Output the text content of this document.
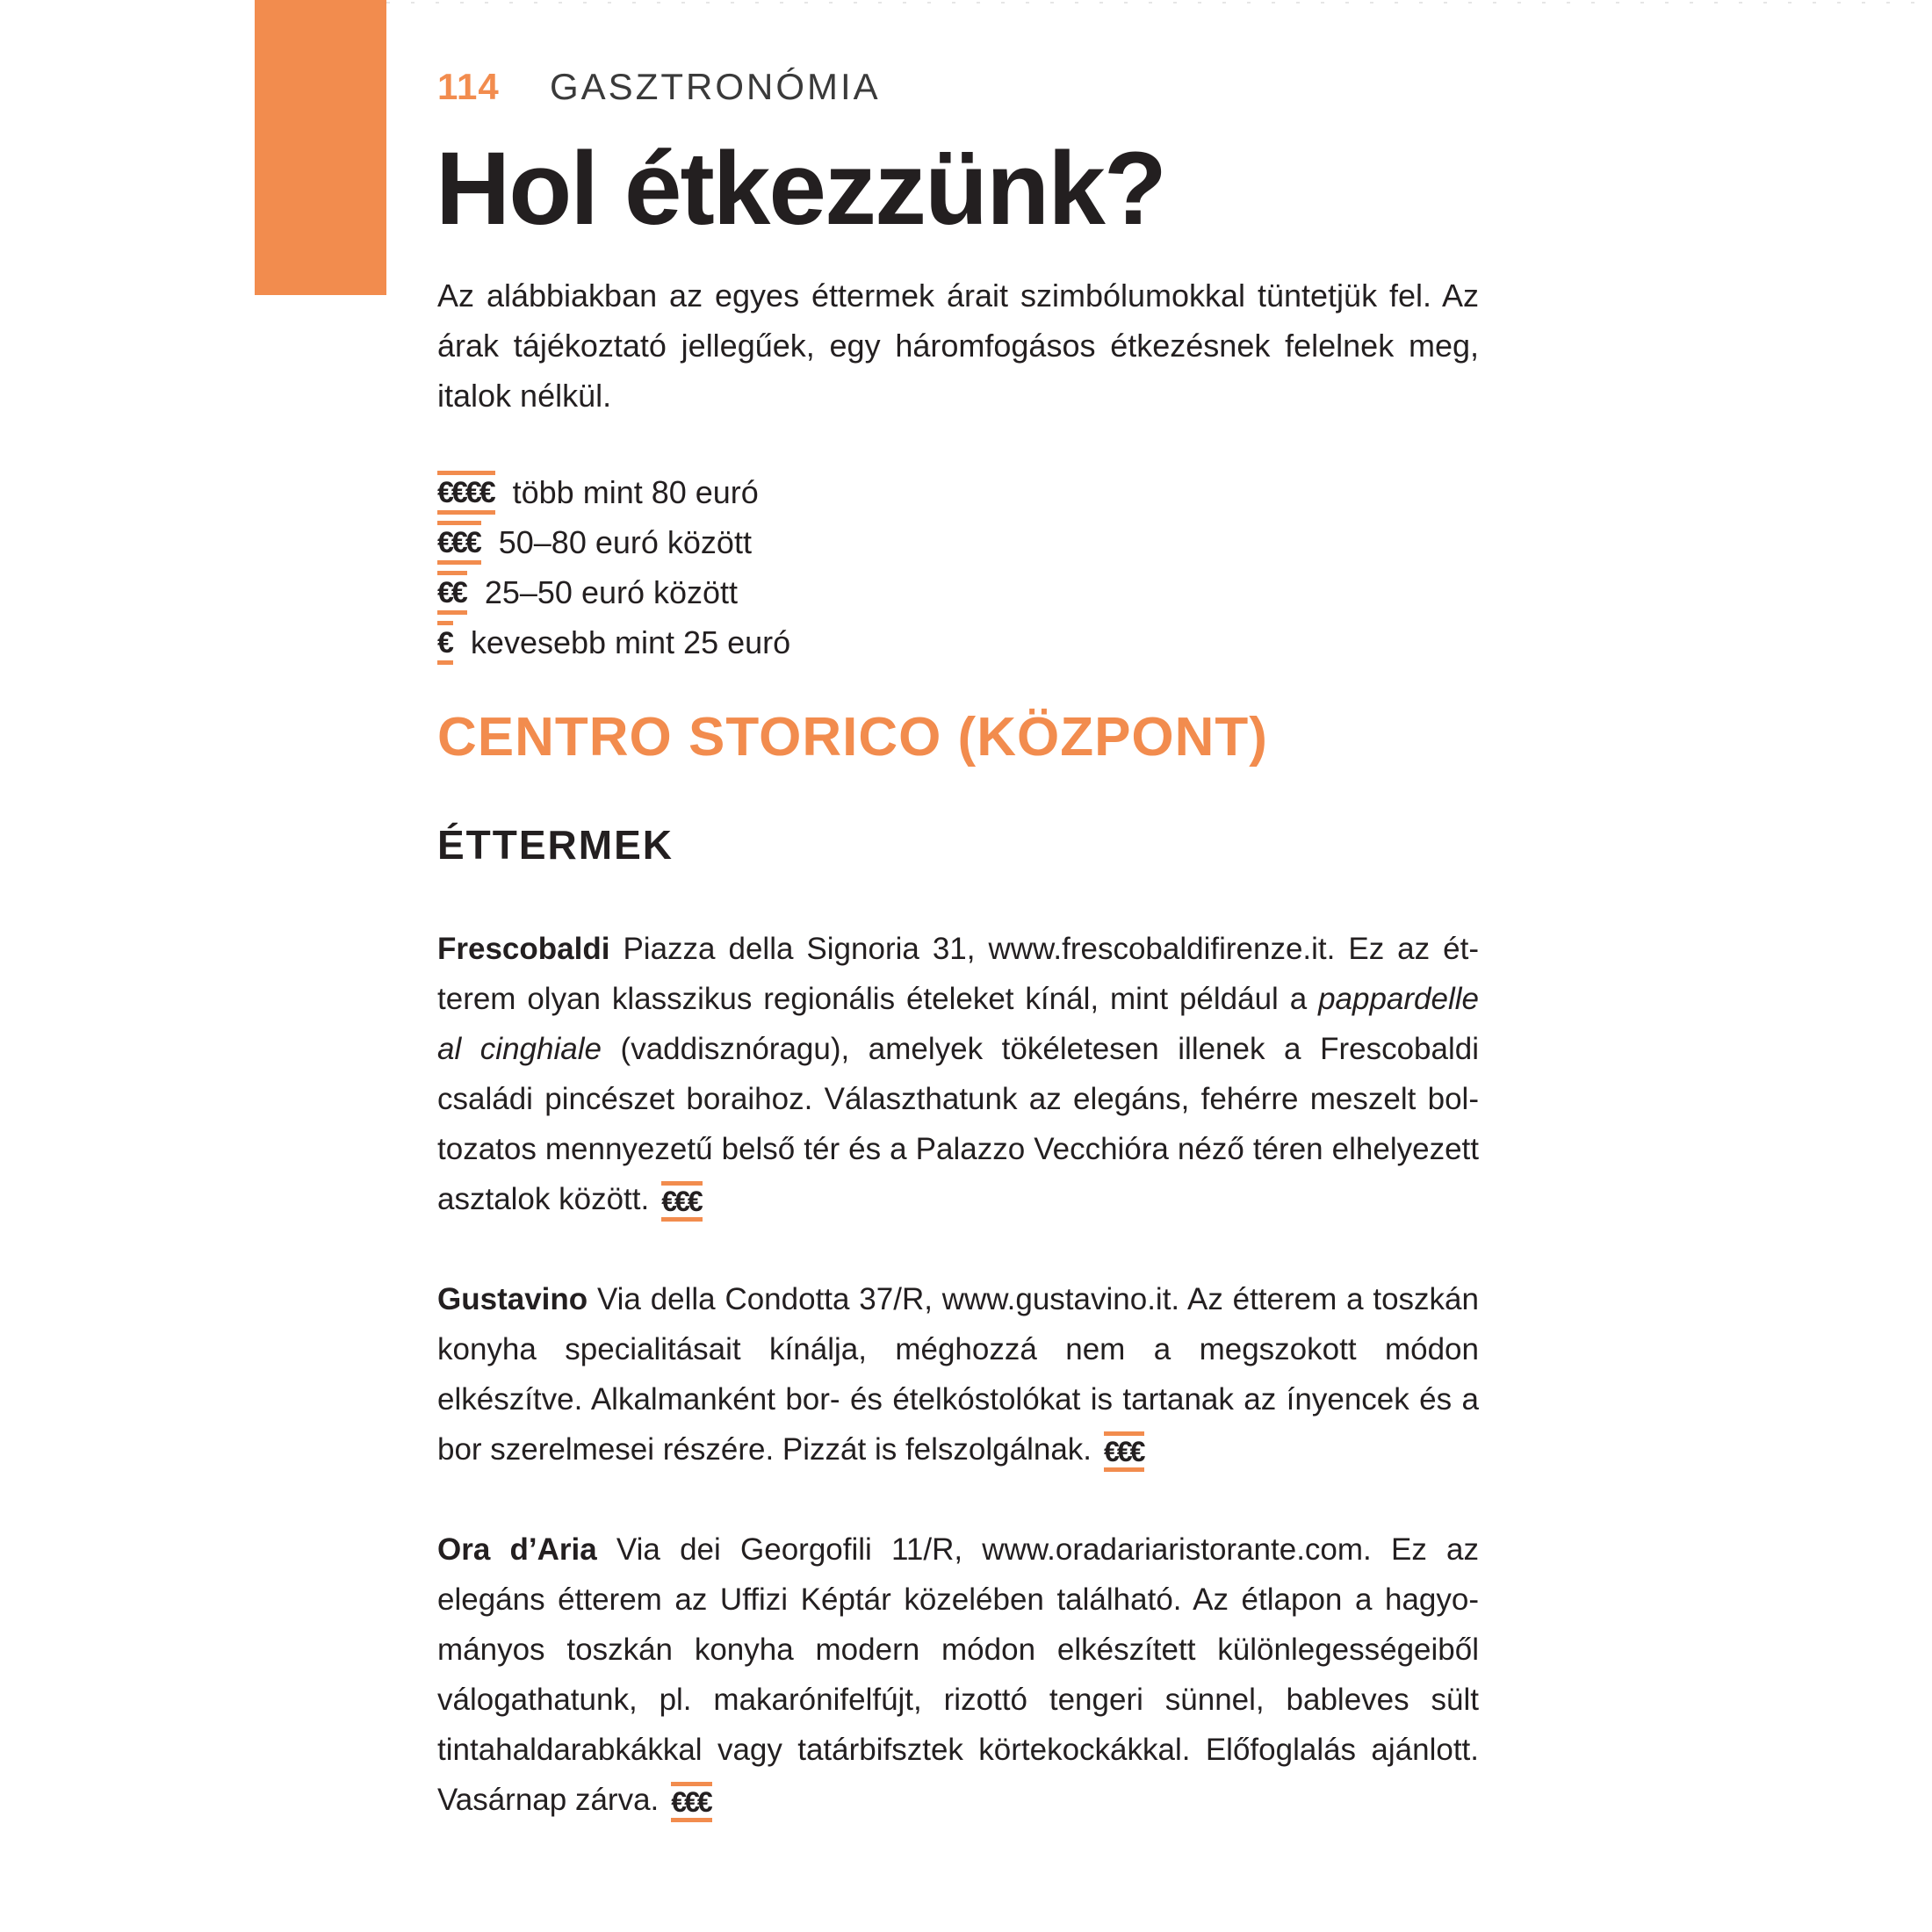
114 GASZTRONÓMIA
Hol étkezzünk?

Az alábbiakban az egyes éttermek árait szimbólumokkal tüntetjük fel. Az árak tájékoztató jellegűek, egy háromfogásos étkezésnek felelnek meg, italok nélkül.

€€€€ több mint 80 euró
€€€ 50–80 euró között
€€ 25–50 euró között
€ kevesebb mint 25 euró
CENTRO STORICO (KÖZPONT)
ÉTTERMEK

Frescobaldi Piazza della Signoria 31, www.frescobaldifirenze.it. Ez az étterem olyan klasszikus regionális ételeket kínál, mint például a pappardelle al cinghiale (vaddisznóragu), amelyek tökéletesen illenek a Frescobaldi családi pincészet boraihoz. Választhatunk az elegáns, fehérre meszelt boltozatos mennyezetű belső tér és a Palazzo Vecchióra néző téren elhelyezett asztalok között. €€€

Gustavino Via della Condotta 37/R, www.gustavino.it. Az étterem a toszkán konyha specialitásait kínálja, méghozzá nem a megszokott módon elkészítve. Alkalmanként bor- és ételkóstolókat is tartanak az ínyencek és a bor szerelmesei részére. Pizzát is felszolgálnak. €€€

Ora d’Aria Via dei Georgofili 11/R, www.oradariaristorante.com. Ez az elegáns étterem az Uffizi Képtár közelében található. Az étlapon a hagyományos toszkán konyha modern módon elkészített különlegességeiből válogathatunk, pl. makarónifelfújt, rizottó tengeri sünnel, bableves sült tintahaldarabkákkal vagy tatárbifsztek körtekockákkal. Előfoglalás ajánlott. Vasárnap zárva. €€€
